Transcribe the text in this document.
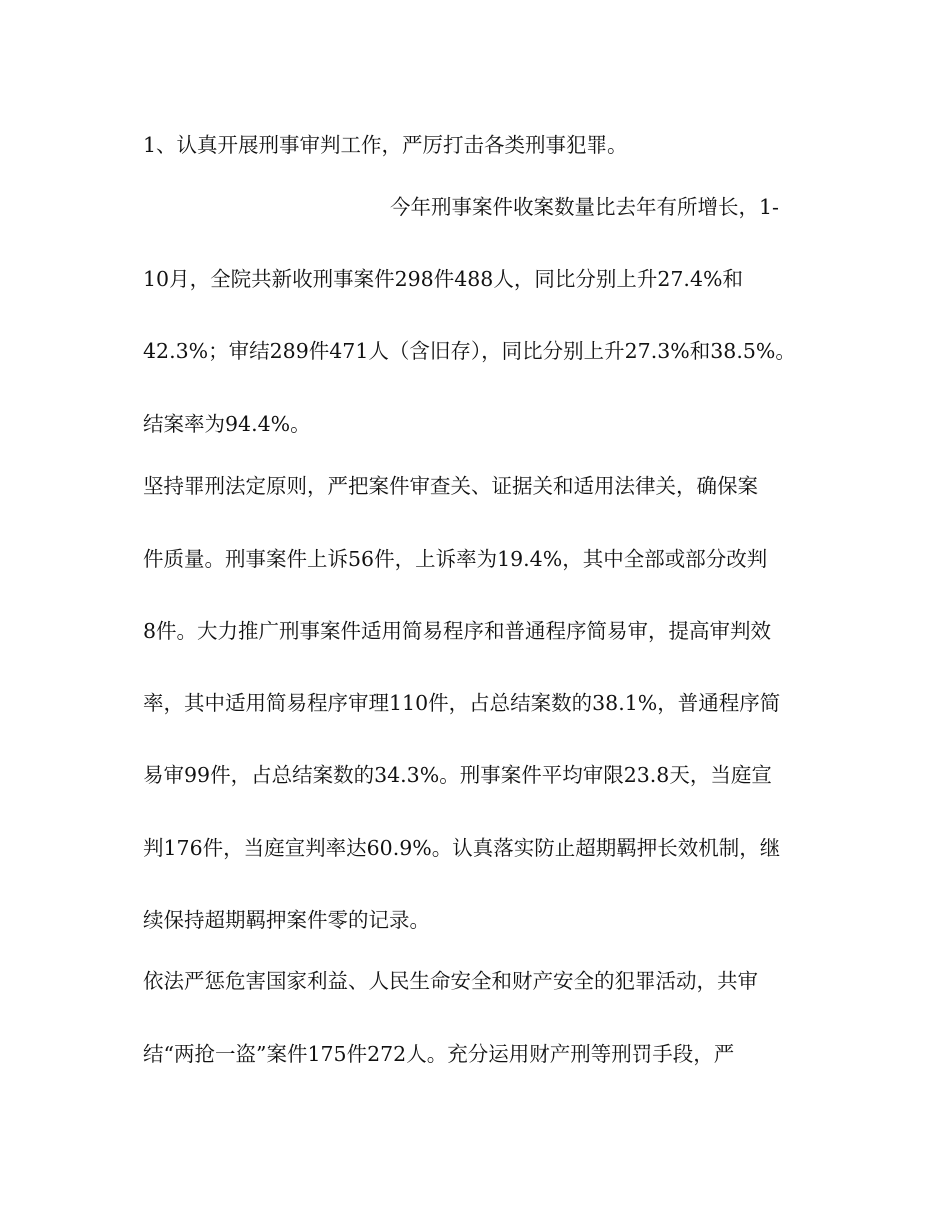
1、认真开展刑事审判工作，严厉打击各类刑事犯罪。
今年刑事案件收案数量比去年有所增长，1-
10月，全院共新收刑事案件298件488人，同比分别上升27.4%和
42.3%；审结289件471人（含旧存），同比分别上升27.3%和38.5%。
结案率为94.4%。
坚持罪刑法定原则，严把案件审查关、证据关和适用法律关，确保案
件质量。刑事案件上诉56件，上诉率为19.4%，其中全部或部分改判
8件。大力推广刑事案件适用简易程序和普通程序简易审，提高审判效
率，其中适用简易程序审理110件，占总结案数的38.1%，普通程序简
易审99件，占总结案数的34.3%。刑事案件平均审限23.8天，当庭宣
判176件，当庭宣判率达60.9%。认真落实防止超期羁押长效机制，继
续保持超期羁押案件零的记录。
依法严惩危害国家利益、人民生命安全和财产安全的犯罪活动，共审
结“两抢一盗”案件175件272人。充分运用财产刑等刑罚手段，严
